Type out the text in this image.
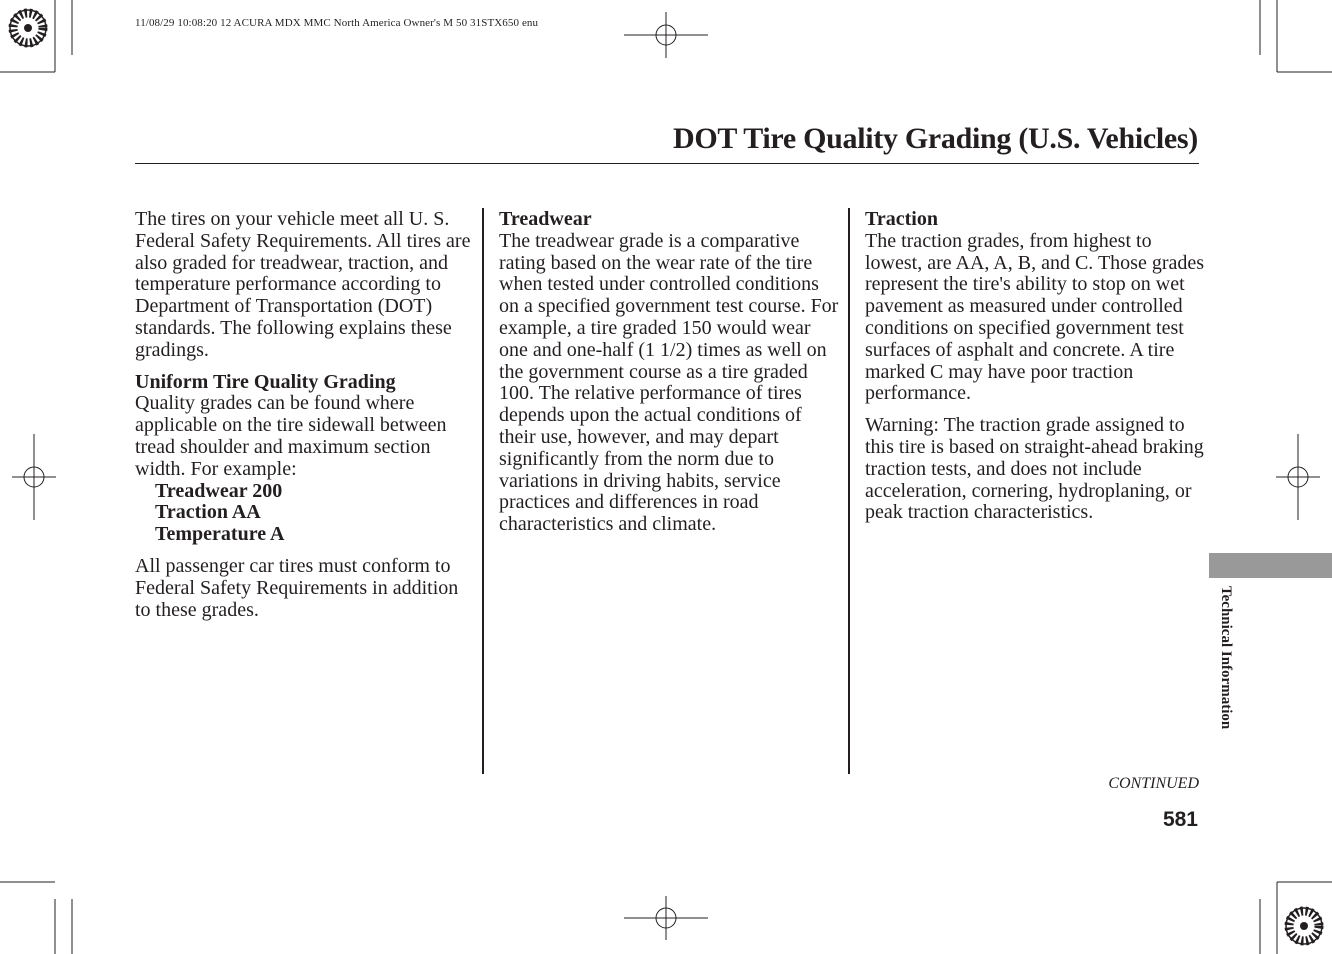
11/08/29 10:08:20 12 ACURA MDX MMC North America Owner's M 50 31STX650 enu
DOT Tire Quality Grading (U.S. Vehicles)

The tires on your vehicle meet all U. S. Federal Safety Requirements. All tires are also graded for treadwear, traction, and temperature performance according to Department of Transportation (DOT) standards. The following explains these gradings.

Uniform Tire Quality Grading
Quality grades can be found where applicable on the tire sidewall between tread shoulder and maximum section width. For example:
Treadwear 200
Traction AA
Temperature A

All passenger car tires must conform to Federal Safety Requirements in addition to these grades.

Treadwear
The treadwear grade is a comparative rating based on the wear rate of the tire when tested under controlled conditions on a specified government test course. For example, a tire graded 150 would wear one and one-half (1 1/2) times as well on the government course as a tire graded 100. The relative performance of tires depends upon the actual conditions of their use, however, and may depart significantly from the norm due to variations in driving habits, service practices and differences in road characteristics and climate.

Traction
The traction grades, from highest to lowest, are AA, A, B, and C. Those grades represent the tire's ability to stop on wet pavement as measured under controlled conditions on specified government test surfaces of asphalt and concrete. A tire marked C may have poor traction performance.

Warning: The traction grade assigned to this tire is based on straight-ahead braking traction tests, and does not include acceleration, cornering, hydroplaning, or peak traction characteristics.

Technical Information
CONTINUED
581
